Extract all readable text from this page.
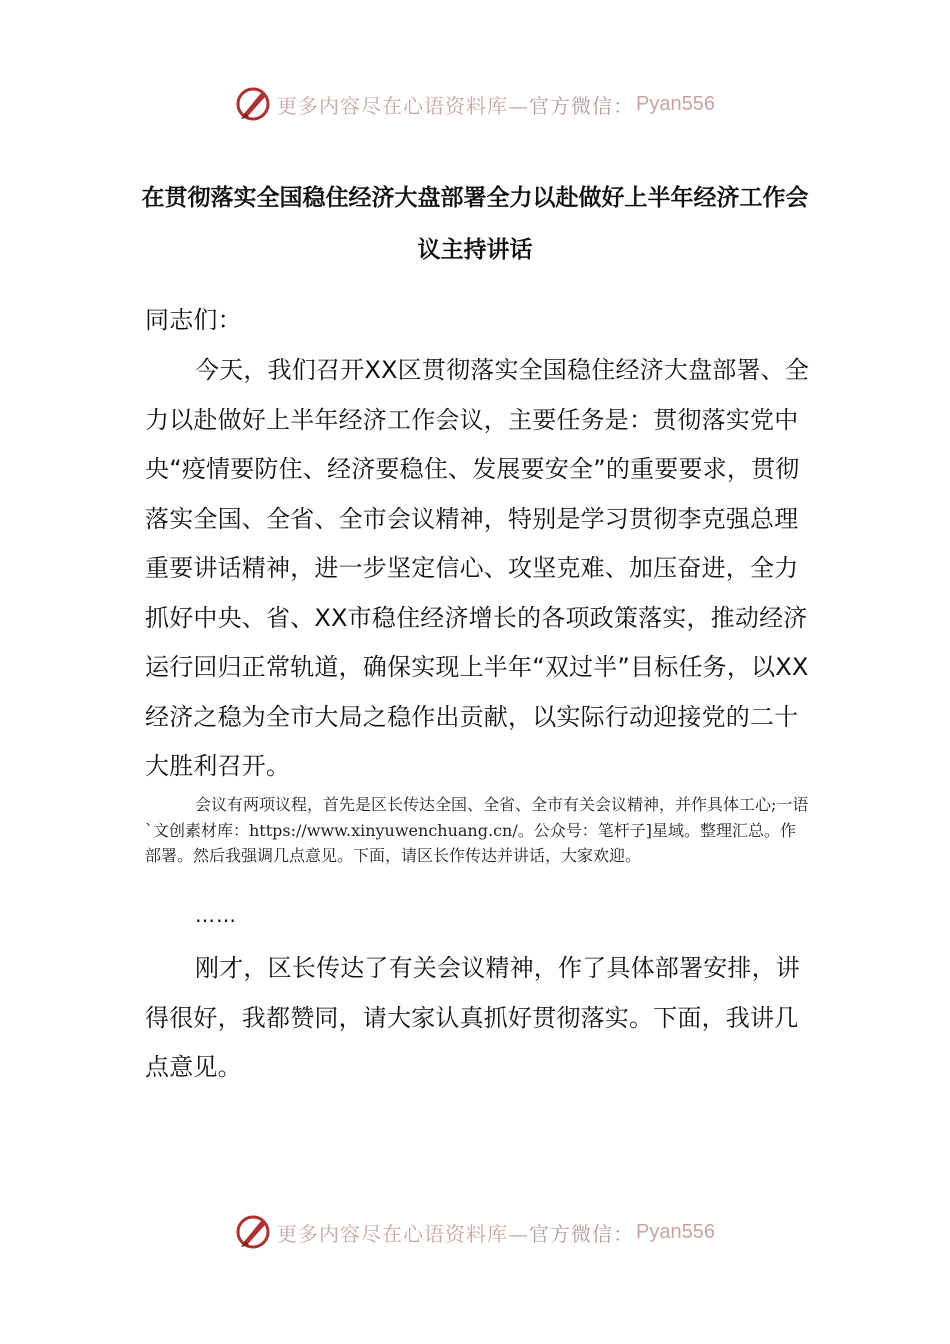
更多内容尽在心语资料库— 官方微信： Pyan556
在贯彻落实全国稳住经济大盘部署全力以赴做好上半年经济工作会议主持讲话
同志们：
今天，我们召开XX区贯彻落实全国稳住经济大盘部署、全力以赴做好上半年经济工作会议，主要任务是：贯彻落实党中央“疫情要防住、经济要稳住、发展要安全”的重要要求，贯彻落实全国、全省、全市会议精神，特别是学习贯彻李克强总理重要讲话精神，进一步坚定信心、攻坚克难、加压奋进，全力抓好中央、省、XX市稳住经济增长的各项政策落实，推动经济运行回归正常轨道，确保实现上半年“双过半”目标任务，以XX经济之稳为全市大局之稳作出贡献，以实际行动迎接党的二十大胜利召开。
会议有两项议程，首先是区长传达全国、全省、全市有关会议精神，并作具体工心;一语`文创素材库：https://www.xinyuwenchuang.cn/。公众号：笔杆子]星域。整理汇总。作部署。然后我强调几点意见。下面，请区长作传达并讲话，大家欢迎。
……
刚才，区长传达了有关会议精神，作了具体部署安排，讲得很好，我都赞同，请大家认真抓好贯彻落实。下面，我讲几点意见。
更多内容尽在心语资料库— 官方微信： Pyan556
